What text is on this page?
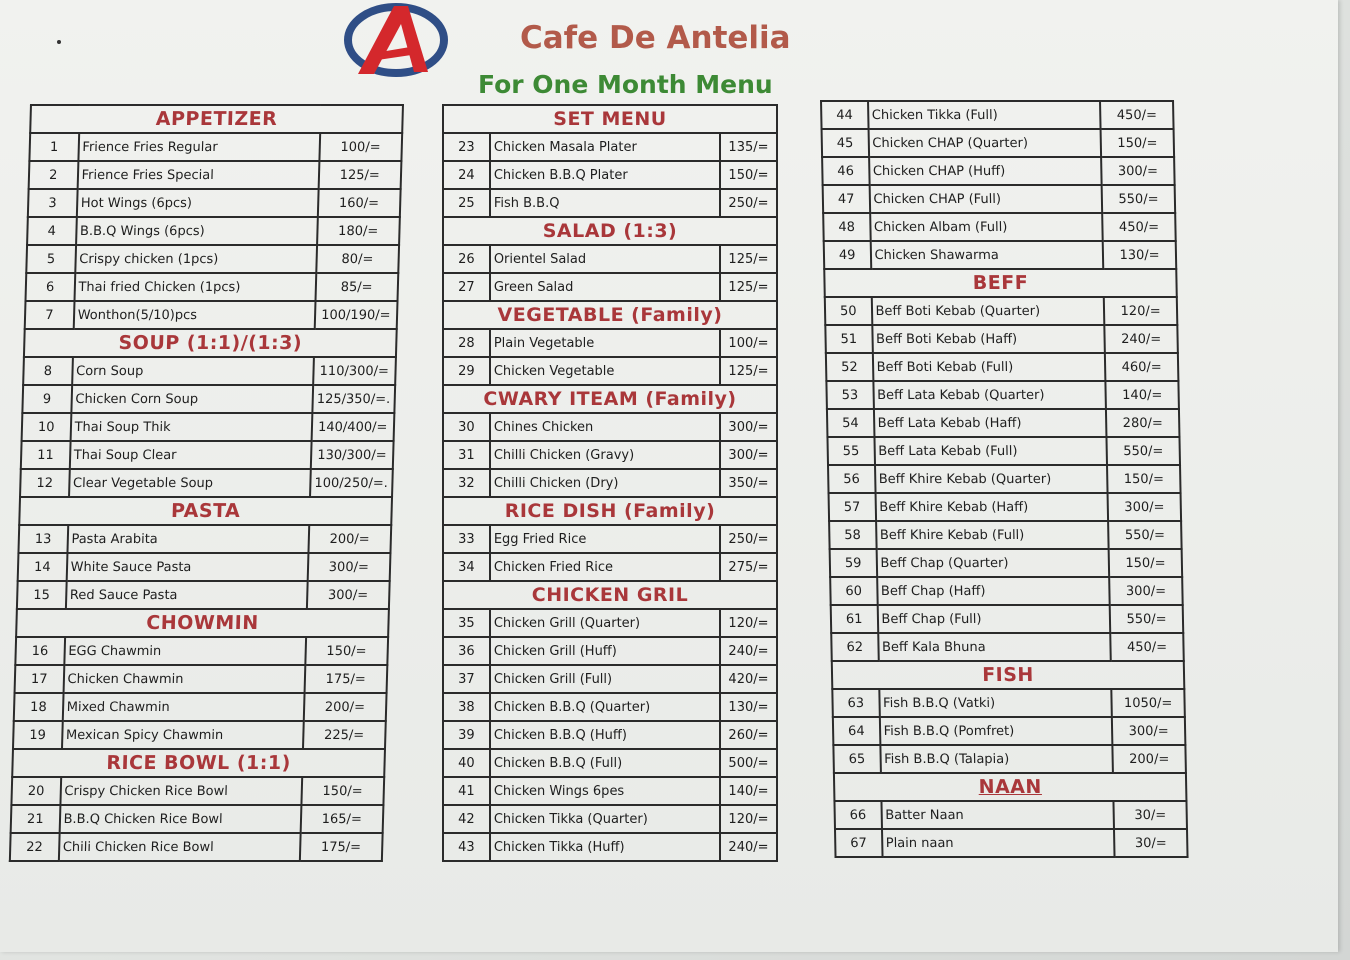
Cafe De Antelia
For One Month Menu
APPETIZER		
1	Frience Fries Regular	100/=
2	Frience Fries Special	125/=
3	Hot Wings (6pcs)	160/=
4	B.B.Q Wings (6pcs)	180/=
5	Crispy chicken (1pcs)	80/=
6	Thai fried Chicken (1pcs)	85/=
7	Wonthon(5/10)pcs	100/190/=
SOUP (1:1)/(1:3)		
8	Corn Soup	110/300/=
9	Chicken Corn Soup	125/350/=.
10	Thai Soup Thik	140/400/=
11	Thai Soup Clear	130/300/=
12	Clear Vegetable Soup	100/250/=.
PASTA		
13	Pasta Arabita	200/=
14	White Sauce Pasta	300/=
15	Red Sauce Pasta	300/=
CHOWMIN		
16	EGG Chawmin	150/=
17	Chicken Chawmin	175/=
18	Mixed Chawmin	200/=
19	Mexican Spicy Chawmin	225/=
RICE BOWL (1:1)		
20	Crispy Chicken Rice Bowl	150/=
21	B.B.Q Chicken Rice Bowl	165/=
22	Chili Chicken Rice Bowl	175/=
SET MENU		
23	Chicken Masala Plater	135/=
24	Chicken B.B.Q Plater	150/=
25	Fish B.B.Q	250/=
SALAD (1:3)		
26	Orientel Salad	125/=
27	Green Salad	125/=
VEGETABLE (Family)		
28	Plain Vegetable	100/=
29	Chicken Vegetable	125/=
CWARY ITEAM (Family)		
30	Chines Chicken	300/=
31	Chilli Chicken (Gravy)	300/=
32	Chilli Chicken (Dry)	350/=
RICE DISH (Family)		
33	Egg Fried Rice	250/=
34	Chicken Fried Rice	275/=
CHICKEN GRIL		
35	Chicken Grill (Quarter)	120/=
36	Chicken Grill (Huff)	240/=
37	Chicken Grill (Full)	420/=
38	Chicken B.B.Q (Quarter)	130/=
39	Chicken B.B.Q (Huff)	260/=
40	Chicken B.B.Q (Full)	500/=
41	Chicken Wings 6pes	140/=
42	Chicken Tikka (Quarter)	120/=
43	Chicken Tikka (Huff)	240/=
44	Chicken Tikka (Full)	450/=
45	Chicken CHAP (Quarter)	150/=
46	Chicken CHAP (Huff)	300/=
47	Chicken CHAP (Full)	550/=
48	Chicken Albam (Full)	450/=
49	Chicken Shawarma	130/=
BEFF		
50	Beff Boti Kebab (Quarter)	120/=
51	Beff Boti Kebab (Haff)	240/=
52	Beff Boti Kebab (Full)	460/=
53	Beff Lata Kebab (Quarter)	140/=
54	Beff Lata Kebab (Haff)	280/=
55	Beff Lata Kebab (Full)	550/=
56	Beff Khire Kebab (Quarter)	150/=
57	Beff Khire Kebab (Haff)	300/=
58	Beff Khire Kebab (Full)	550/=
59	Beff Chap (Quarter)	150/=
60	Beff Chap (Haff)	300/=
61	Beff Chap (Full)	550/=
62	Beff Kala Bhuna	450/=
FISH		
63	Fish B.B.Q (Vatki)	1050/=
64	Fish B.B.Q (Pomfret)	300/=
65	Fish B.B.Q (Talapia)	200/=
NAAN		
66	Batter Naan	30/=
67	Plain naan	30/=
